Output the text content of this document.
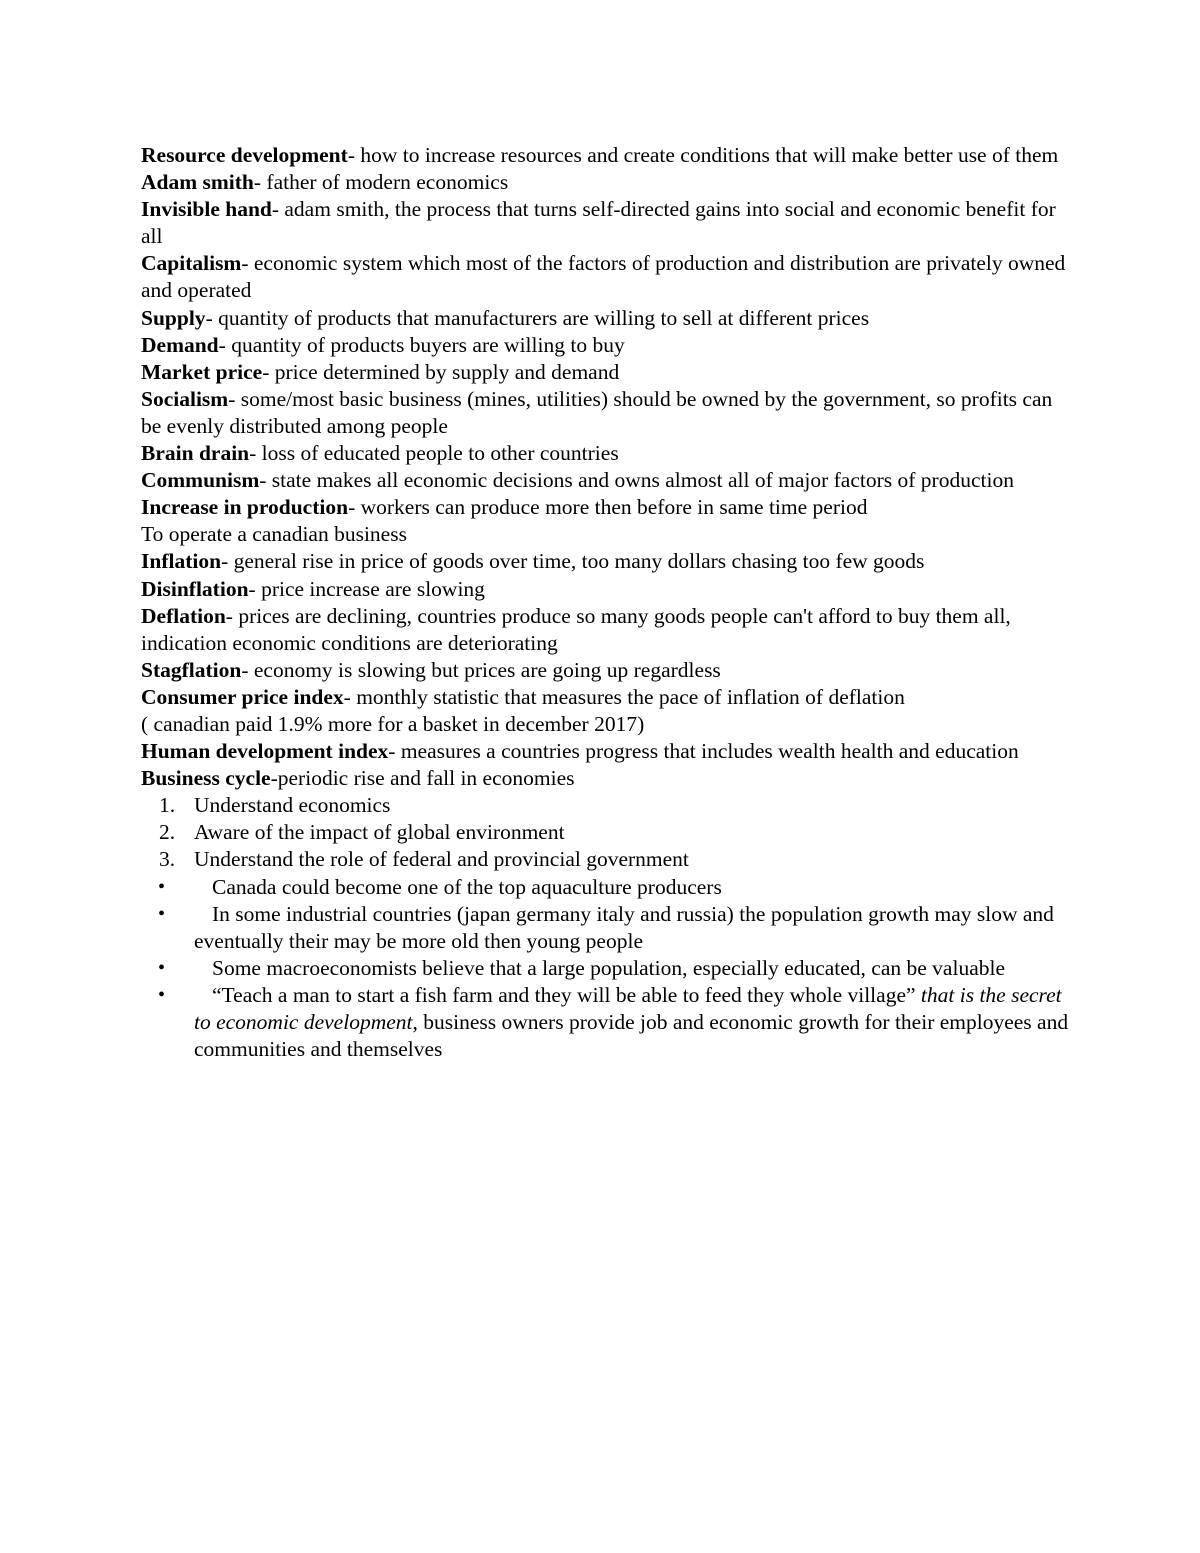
Resource development- how to increase resources and create conditions that will make better use of them

Adam smith- father of modern economics

Invisible hand- adam smith, the process that turns self-directed gains into social and economic benefit for all

Capitalism- economic system which most of the factors of production and distribution are privately owned and operated

Supply- quantity of products that manufacturers are willing to sell at different prices

Demand- quantity of products buyers are willing to buy

Market price- price determined by supply and demand

Socialism- some/most basic business (mines, utilities) should be owned by the government, so profits can be evenly distributed among people

Brain drain- loss of educated people to other countries

Communism- state makes all economic decisions and owns almost all of major factors of production

Increase in production- workers can produce more then before in same time period

To operate a canadian business

Inflation- general rise in price of goods over time, too many dollars chasing too few goods

Disinflation- price increase are slowing

Deflation- prices are declining, countries produce so many goods people can't afford to buy them all, indication economic conditions are deteriorating

Stagflation- economy is slowing but prices are going up regardless

Consumer price index- monthly statistic that measures the pace of inflation of deflation

( canadian paid 1.9% more for a basket in december 2017)

Human development index- measures a countries progress that includes wealth health and education

Business cycle-periodic rise and fall in economies

1. Understand economics
2. Aware of the impact of global environment
3. Understand the role of federal and provincial government
• Canada could become one of the top aquaculture producers
• In some industrial countries (japan germany italy and russia) the population growth may slow and eventually their may be more old then young people
• Some macroeconomists believe that a large population, especially educated, can be valuable
• “Teach a man to start a fish farm and they will be able to feed they whole village” that is the secret to economic development, business owners provide job and economic growth for their employees and communities and themselves
